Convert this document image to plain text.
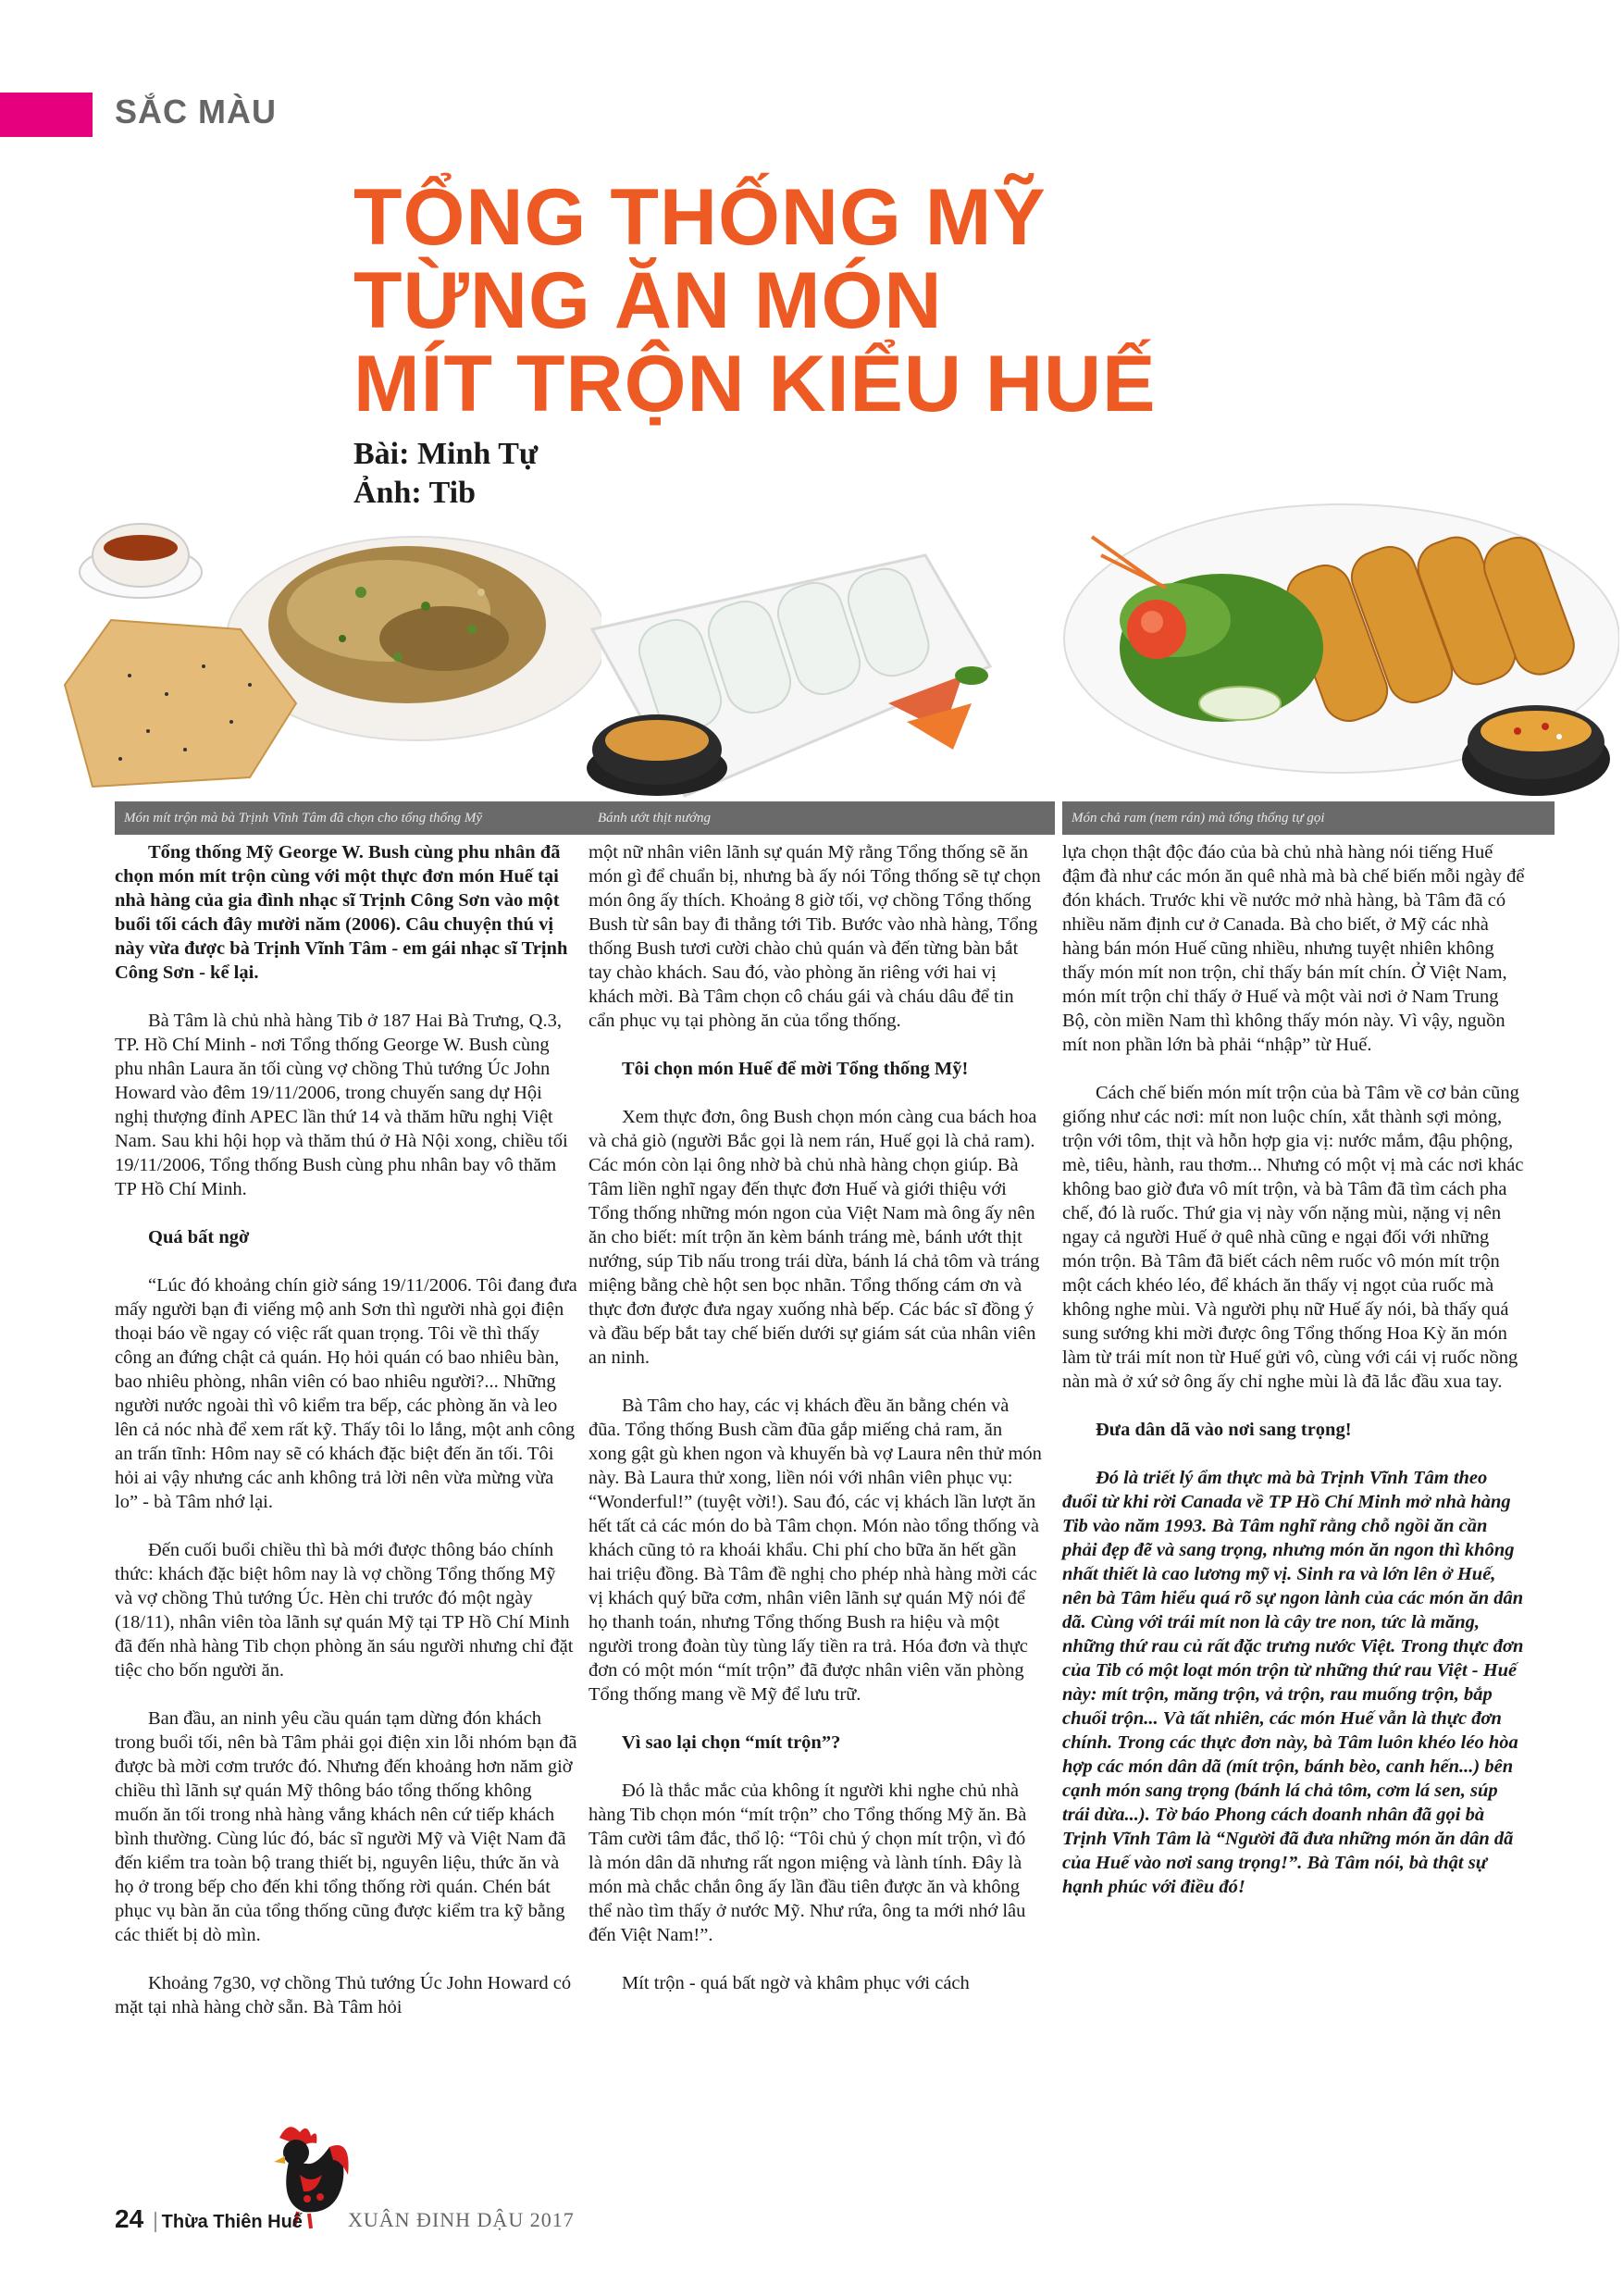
SẮC MÀU
TỔNG THỐNG MỸ
TỪNG ĂN MÓN
MÍT TRỘN KIỂU HUẾ
Bài: Minh Tự
Ảnh: Tib
Món mít trộn mà bà Trịnh Vĩnh Tâm đã chọn cho tổng thống Mỹ	Bánh ướt thịt nướng	Món chả ram (nem rán) mà tổng thống tự gọi

Tổng thống Mỹ George W. Bush cùng phu nhân đã chọn món mít trộn cùng với một thực đơn món Huế tại nhà hàng của gia đình nhạc sĩ Trịnh Công Sơn vào một buổi tối cách đây mười năm (2006). Câu chuyện thú vị này vừa được bà Trịnh Vĩnh Tâm - em gái nhạc sĩ Trịnh Công Sơn - kể lại.

Bà Tâm là chủ nhà hàng Tib ở 187 Hai Bà Trưng, Q.3, TP. Hồ Chí Minh - nơi Tổng thống George W. Bush cùng phu nhân Laura ăn tối cùng vợ chồng Thủ tướng Úc John Howard vào đêm 19/11/2006, trong chuyến sang dự Hội nghị thượng đỉnh APEC lần thứ 14 và thăm hữu nghị Việt Nam. Sau khi hội họp và thăm thú ở Hà Nội xong, chiều tối 19/11/2006, Tổng thống Bush cùng phu nhân bay vô thăm TP Hồ Chí Minh.

Quá bất ngờ

“Lúc đó khoảng chín giờ sáng 19/11/2006. Tôi đang đưa mấy người bạn đi viếng mộ anh Sơn thì người nhà gọi điện thoại báo về ngay có việc rất quan trọng. Tôi về thì thấy công an đứng chật cả quán. Họ hỏi quán có bao nhiêu bàn, bao nhiêu phòng, nhân viên có bao nhiêu người?... Những người nước ngoài thì vô kiểm tra bếp, các phòng ăn và leo lên cả nóc nhà để xem rất kỹ. Thấy tôi lo lắng, một anh công an trấn tĩnh: Hôm nay sẽ có khách đặc biệt đến ăn tối. Tôi hỏi ai vậy nhưng các anh không trả lời nên vừa mừng vừa lo” - bà Tâm nhớ lại.

Đến cuối buổi chiều thì bà mới được thông báo chính thức: khách đặc biệt hôm nay là vợ chồng Tổng thống Mỹ và vợ chồng Thủ tướng Úc. Hèn chi trước đó một ngày (18/11), nhân viên tòa lãnh sự quán Mỹ tại TP Hồ Chí Minh đã đến nhà hàng Tib chọn phòng ăn sáu người nhưng chỉ đặt tiệc cho bốn người ăn.

Ban đầu, an ninh yêu cầu quán tạm dừng đón khách trong buổi tối, nên bà Tâm phải gọi điện xin lỗi nhóm bạn đã được bà mời cơm trước đó. Nhưng đến khoảng hơn năm giờ chiều thì lãnh sự quán Mỹ thông báo tổng thống không muốn ăn tối trong nhà hàng vắng khách nên cứ tiếp khách bình thường. Cùng lúc đó, bác sĩ người Mỹ và Việt Nam đã đến kiểm tra toàn bộ trang thiết bị, nguyên liệu, thức ăn và họ ở trong bếp cho đến khi tổng thống rời quán. Chén bát phục vụ bàn ăn của tổng thống cũng được kiểm tra kỹ bằng các thiết bị dò mìn.

Khoảng 7g30, vợ chồng Thủ tướng Úc John Howard có mặt tại nhà hàng chờ sẵn. Bà Tâm hỏi

một nữ nhân viên lãnh sự quán Mỹ rằng Tổng thống sẽ ăn món gì để chuẩn bị, nhưng bà ấy nói Tổng thống sẽ tự chọn món ông ấy thích. Khoảng 8 giờ tối, vợ chồng Tổng thống Bush từ sân bay đi thẳng tới Tib. Bước vào nhà hàng, Tổng thống Bush tươi cười chào chủ quán và đến từng bàn bắt tay chào khách. Sau đó, vào phòng ăn riêng với hai vị khách mời. Bà Tâm chọn cô cháu gái và cháu dâu để tin cẩn phục vụ tại phòng ăn của tổng thống.

Tôi chọn món Huế để mời Tổng thống Mỹ!

Xem thực đơn, ông Bush chọn món càng cua bách hoa và chả giò (người Bắc gọi là nem rán, Huế gọi là chả ram). Các món còn lại ông nhờ bà chủ nhà hàng chọn giúp. Bà Tâm liền nghĩ ngay đến thực đơn Huế và giới thiệu với Tổng thống những món ngon của Việt Nam mà ông ấy nên ăn cho biết: mít trộn ăn kèm bánh tráng mè, bánh ướt thịt nướng, súp Tib nấu trong trái dừa, bánh lá chả tôm và tráng miệng bằng chè hột sen bọc nhãn. Tổng thống cám ơn và thực đơn được đưa ngay xuống nhà bếp. Các bác sĩ đồng ý và đầu bếp bắt tay chế biến dưới sự giám sát của nhân viên an ninh.

Bà Tâm cho hay, các vị khách đều ăn bằng chén và đũa. Tổng thống Bush cầm đũa gắp miếng chả ram, ăn xong gật gù khen ngon và khuyến bà vợ Laura nên thử món này. Bà Laura thử xong, liền nói với nhân viên phục vụ: “Wonderful!” (tuyệt vời!). Sau đó, các vị khách lần lượt ăn hết tất cả các món do bà Tâm chọn. Món nào tổng thống và khách cũng tỏ ra khoái khẩu. Chi phí cho bữa ăn hết gần hai triệu đồng. Bà Tâm đề nghị cho phép nhà hàng mời các vị khách quý bữa cơm, nhân viên lãnh sự quán Mỹ nói để họ thanh toán, nhưng Tổng thống Bush ra hiệu và một người trong đoàn tùy tùng lấy tiền ra trả. Hóa đơn và thực đơn có một món “mít trộn” đã được nhân viên văn phòng Tổng thống mang về Mỹ để lưu trữ.

Vì sao lại chọn “mít trộn”?

Đó là thắc mắc của không ít người khi nghe chủ nhà hàng Tib chọn món “mít trộn” cho Tổng thống Mỹ ăn. Bà Tâm cười tâm đắc, thổ lộ: “Tôi chủ ý chọn mít trộn, vì đó là món dân dã nhưng rất ngon miệng và lành tính. Đây là món mà chắc chắn ông ấy lần đầu tiên được ăn và không thể nào tìm thấy ở nước Mỹ. Như rứa, ông ta mới nhớ lâu đến Việt Nam!”.

Mít trộn - quá bất ngờ và khâm phục với cách

lựa chọn thật độc đáo của bà chủ nhà hàng nói tiếng Huế đậm đà như các món ăn quê nhà mà bà chế biến mỗi ngày để đón khách. Trước khi về nước mở nhà hàng, bà Tâm đã có nhiều năm định cư ở Canada. Bà cho biết, ở Mỹ các nhà hàng bán món Huế cũng nhiều, nhưng tuyệt nhiên không thấy món mít non trộn, chỉ thấy bán mít chín. Ở Việt Nam, món mít trộn chỉ thấy ở Huế và một vài nơi ở Nam Trung Bộ, còn miền Nam thì không thấy món này. Vì vậy, nguồn mít non phần lớn bà phải “nhập” từ Huế.

Cách chế biến món mít trộn của bà Tâm về cơ bản cũng giống như các nơi: mít non luộc chín, xắt thành sợi mỏng, trộn với tôm, thịt và hỗn hợp gia vị: nước mắm, đậu phộng, mè, tiêu, hành, rau thơm... Nhưng có một vị mà các nơi khác không bao giờ đưa vô mít trộn, và bà Tâm đã tìm cách pha chế, đó là ruốc. Thứ gia vị này vốn nặng mùi, nặng vị nên ngay cả người Huế ở quê nhà cũng e ngại đối với những món trộn. Bà Tâm đã biết cách nêm ruốc vô món mít trộn một cách khéo léo, để khách ăn thấy vị ngọt của ruốc mà không nghe mùi. Và người phụ nữ Huế ấy nói, bà thấy quá sung sướng khi mời được ông Tổng thống Hoa Kỳ ăn món làm từ trái mít non từ Huế gửi vô, cùng với cái vị ruốc nồng nàn mà ở xứ sở ông ấy chỉ nghe mùi là đã lắc đầu xua tay.

Đưa dân dã vào nơi sang trọng!

Đó là triết lý ẩm thực mà bà Trịnh Vĩnh Tâm theo đuổi từ khi rời Canada về TP Hồ Chí Minh mở nhà hàng Tib vào năm 1993. Bà Tâm nghĩ rằng chỗ ngồi ăn cần phải đẹp đẽ và sang trọng, nhưng món ăn ngon thì không nhất thiết là cao lương mỹ vị. Sinh ra và lớn lên ở Huế, nên bà Tâm hiểu quá rõ sự ngon lành của các món ăn dân dã. Cùng với trái mít non là cây tre non, tức là măng, những thứ rau củ rất đặc trưng nước Việt. Trong thực đơn của Tib có một loạt món trộn từ những thứ rau Việt - Huế này: mít trộn, măng trộn, vả trộn, rau muống trộn, bắp chuối trộn... Và tất nhiên, các món Huế vẫn là thực đơn chính. Trong các thực đơn này, bà Tâm luôn khéo léo hòa hợp các món dân dã (mít trộn, bánh bèo, canh hến...) bên cạnh món sang trọng (bánh lá chả tôm, cơm lá sen, súp trái dừa...). Tờ báo Phong cách doanh nhân đã gọi bà Trịnh Vĩnh Tâm là “Người đã đưa những món ăn dân dã của Huế vào nơi sang trọng!”. Bà Tâm nói, bà thật sự hạnh phúc với điều đó!

24 Thừa Thiên Huế XUÂN ĐINH DẬU 2017
